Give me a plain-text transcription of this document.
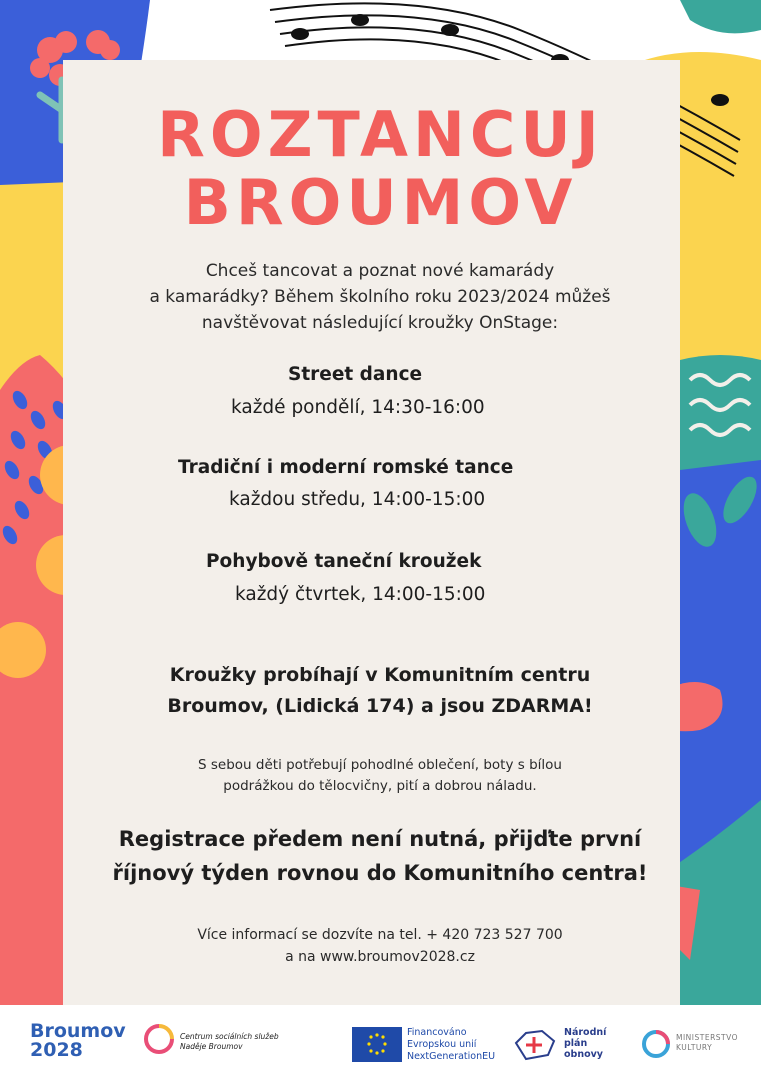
ROZTANCUJ
BROUMOV
Chceš tancovat a poznat nové kamarády
a kamarádky? Během školního roku 2023/2024 můžeš
navštěvovat následující kroužky OnStage:
Street dance
každé pondělí, 14:30-16:00
Tradiční i moderní romské tance
každou středu, 14:00-15:00
Pohybově taneční kroužek
každý čtvrtek, 14:00-15:00
Kroužky probíhají v Komunitním centru
Broumov, (Lidická 174) a jsou ZDARMA!
S sebou děti potřebují pohodlné oblečení, boty s bílou
podrážkou do tělocvičny, pití a dobrou náladu.
Registrace předem není nutná, přijďte první
říjnový týden rovnou do Komunitního centra!
Více informací se dozvíte na tel. + 420 723 527 700
a na www.broumov2028.cz
Broumov
2028
Centrum sociálních služeb
Naděje Broumov
Financováno
Evropskou unií
NextGenerationEU
Národní
plán
obnovy
MINISTERSTVO
KULTURY
